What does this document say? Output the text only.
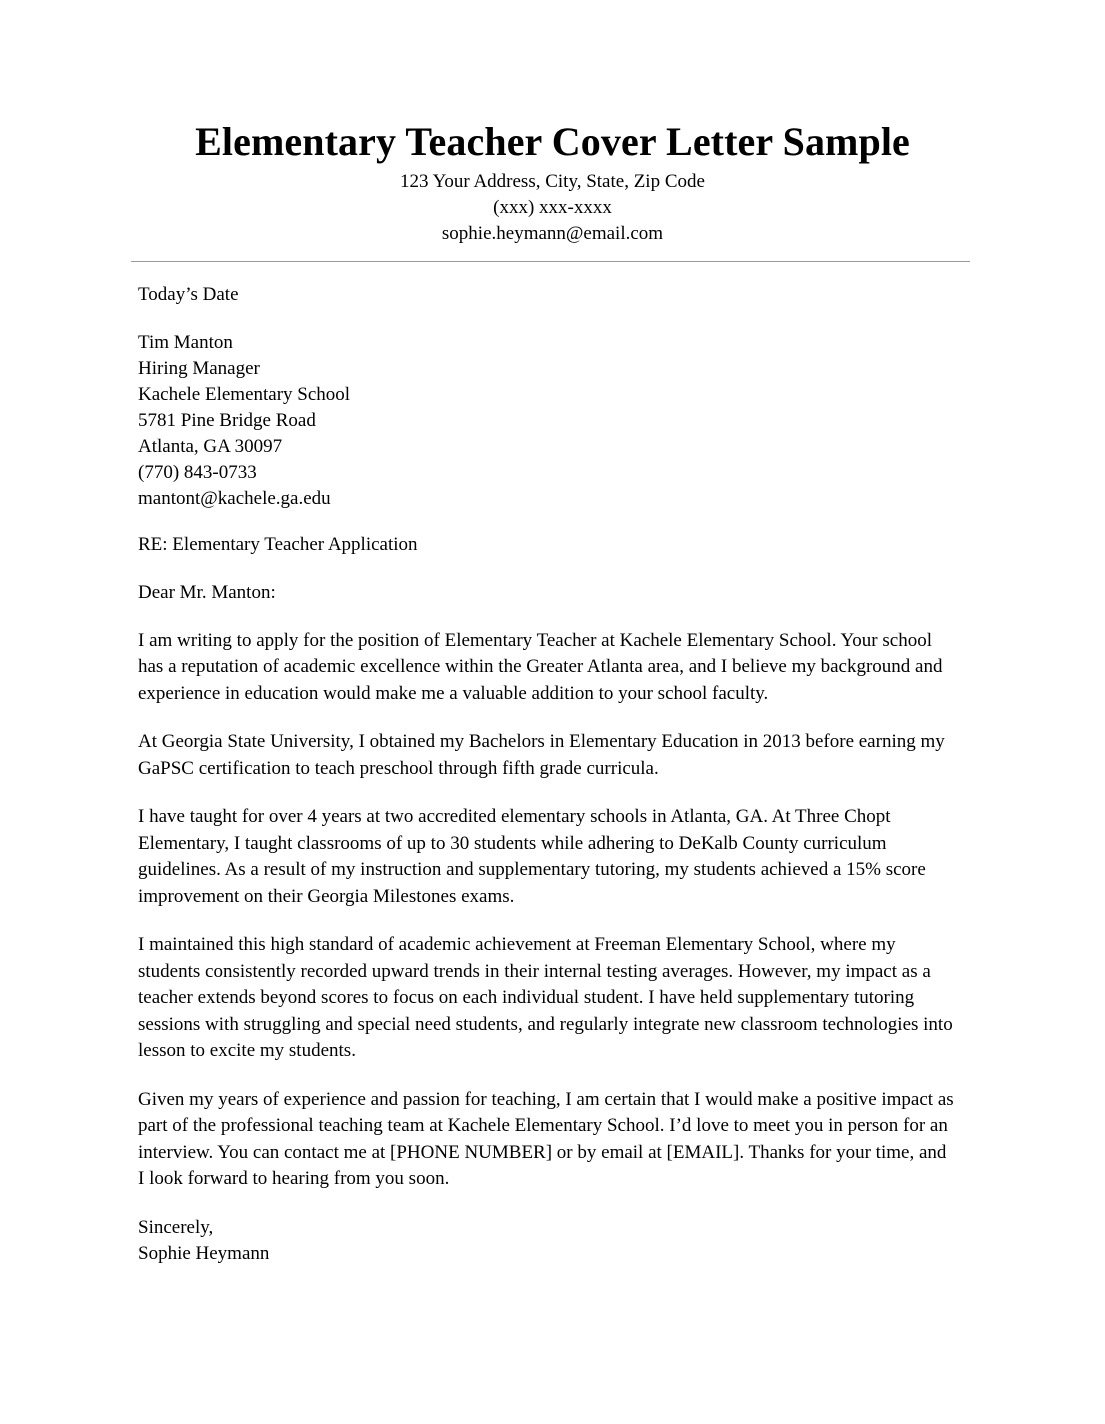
Elementary Teacher Cover Letter Sample

123 Your Address, City, State, Zip Code

(xxx) xxx-xxxx

sophie.heymann@email.com

Today’s Date

Tim Manton
Hiring Manager
Kachele Elementary School
5781 Pine Bridge Road
Atlanta, GA 30097
(770) 843-0733
mantont@kachele.ga.edu

RE: Elementary Teacher Application

Dear Mr. Manton:

I am writing to apply for the position of Elementary Teacher at Kachele Elementary School. Your school has a reputation of academic excellence within the Greater Atlanta area, and I believe my background and experience in education would make me a valuable addition to your school faculty.

At Georgia State University, I obtained my Bachelors in Elementary Education in 2013 before earning my GaPSC certification to teach preschool through fifth grade curricula.

I have taught for over 4 years at two accredited elementary schools in Atlanta, GA. At Three Chopt Elementary, I taught classrooms of up to 30 students while adhering to DeKalb County curriculum guidelines. As a result of my instruction and supplementary tutoring, my students achieved a 15% score improvement on their Georgia Milestones exams.

I maintained this high standard of academic achievement at Freeman Elementary School, where my students consistently recorded upward trends in their internal testing averages. However, my impact as a teacher extends beyond scores to focus on each individual student. I have held supplementary tutoring sessions with struggling and special need students, and regularly integrate new classroom technologies into lesson to excite my students.

Given my years of experience and passion for teaching, I am certain that I would make a positive impact as part of the professional teaching team at Kachele Elementary School. I’d love to meet you in person for an interview. You can contact me at [PHONE NUMBER] or by email at [EMAIL]. Thanks for your time, and I look forward to hearing from you soon.

Sincerely,
Sophie Heymann
